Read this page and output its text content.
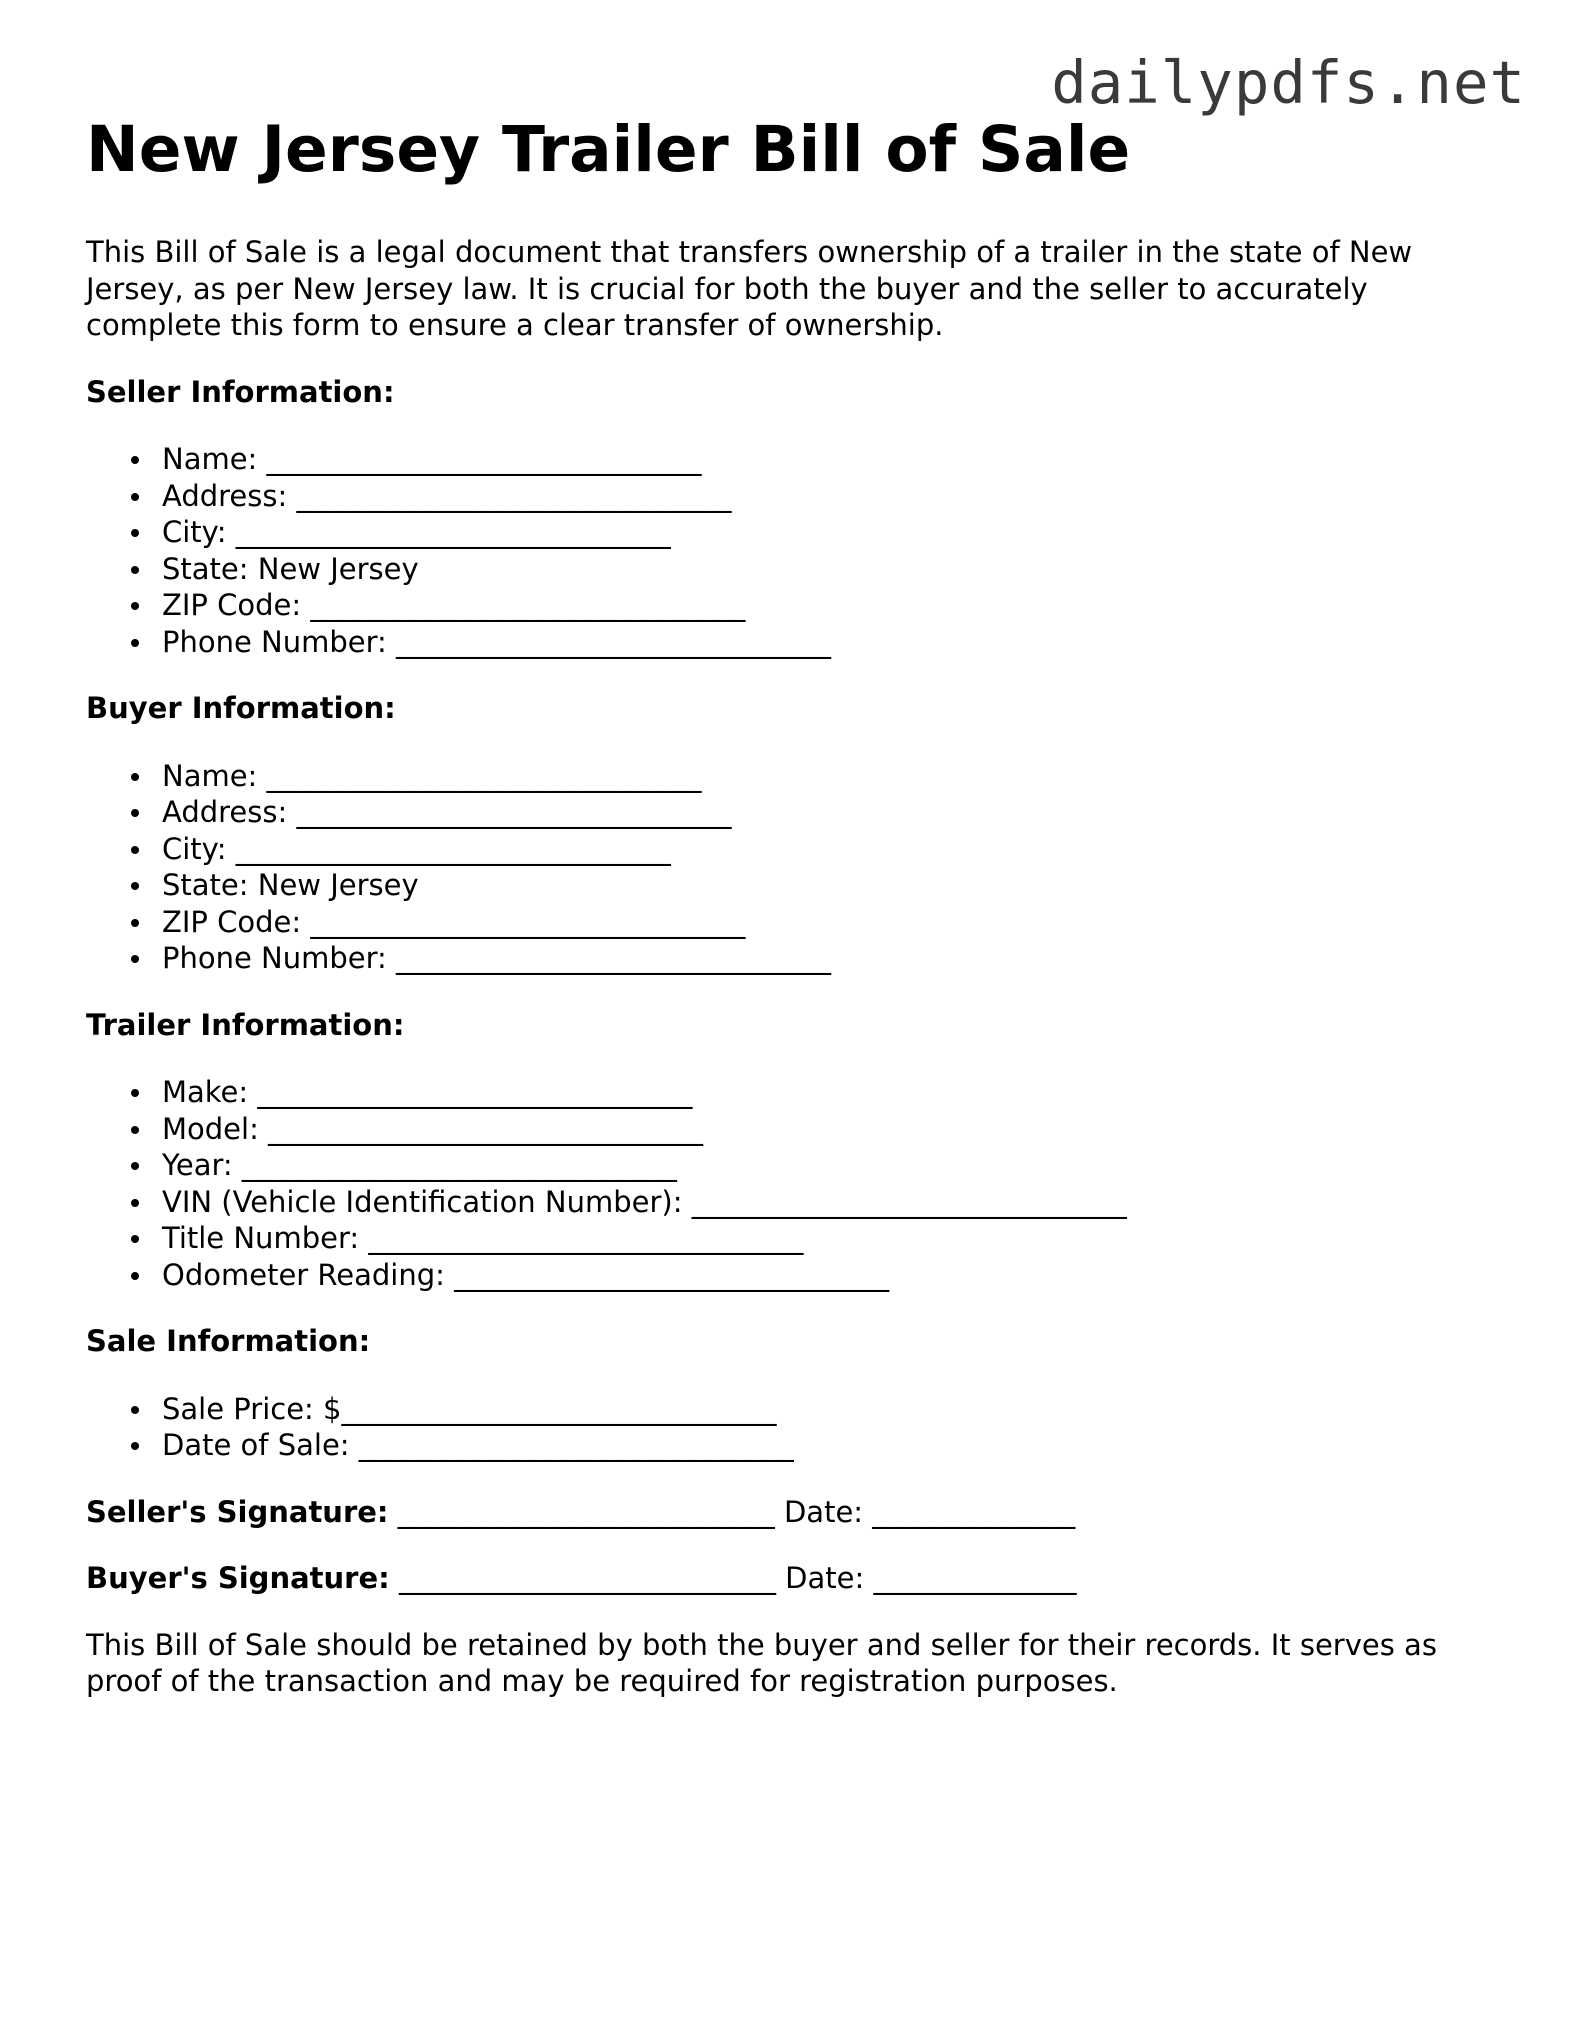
dailypdfs.net
New Jersey Trailer Bill of Sale

This Bill of Sale is a legal document that transfers ownership of a trailer in the state of New Jersey, as per New Jersey law. It is crucial for both the buyer and the seller to accurately complete this form to ensure a clear transfer of ownership.

Seller Information:
Name: ______________________________
Address: ______________________________
City: ______________________________
State: New Jersey
ZIP Code: ______________________________
Phone Number: ______________________________
Buyer Information:
Name: ______________________________
Address: ______________________________
City: ______________________________
State: New Jersey
ZIP Code: ______________________________
Phone Number: ______________________________
Trailer Information:
Make: ______________________________
Model: ______________________________
Year: ______________________________
VIN (Vehicle Identification Number): ______________________________
Title Number: ______________________________
Odometer Reading: ______________________________
Sale Information:
Sale Price: $______________________________
Date of Sale: ______________________________
Seller's Signature: __________________________ Date: ______________
Buyer's Signature: __________________________ Date: ______________

This Bill of Sale should be retained by both the buyer and seller for their records. It serves as proof of the transaction and may be required for registration purposes.
